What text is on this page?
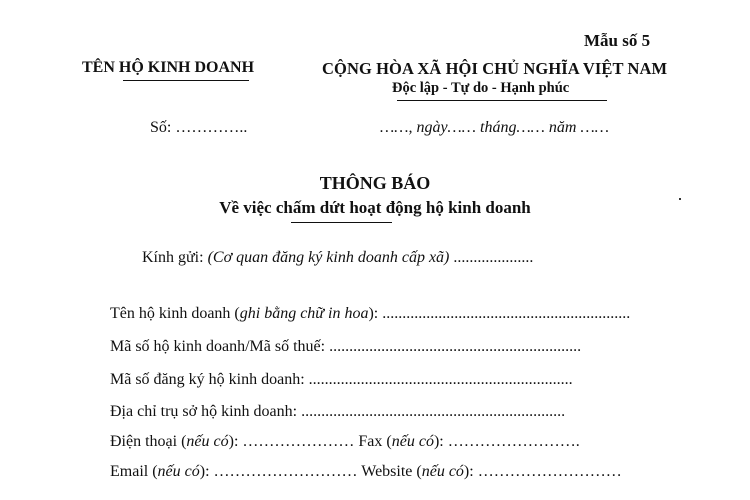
Mẫu số 5
TÊN HỘ KINH DOANH	CỘNG HÒA XÃ HỘI CHỦ NGHĨA VIỆT NAM
Độc lập - Tự do - Hạnh phúc
Số: …………..	……, ngày…… tháng…… năm ……
THÔNG BÁO
Về việc chấm dứt hoạt động hộ kinh doanh
Kính gửi: (Cơ quan đăng ký kinh doanh cấp xã) ....................
Tên hộ kinh doanh (ghi bằng chữ in hoa): ..............................................................
Mã số hộ kinh doanh/Mã số thuế: ...............................................................
Mã số đăng ký hộ kinh doanh: ..................................................................
Địa chỉ trụ sở hộ kinh doanh: ..................................................................
Điện thoại (nếu có): ………………… Fax (nếu có): …………………….
Email (nếu có): ……………………… Website (nếu có): ………………………
